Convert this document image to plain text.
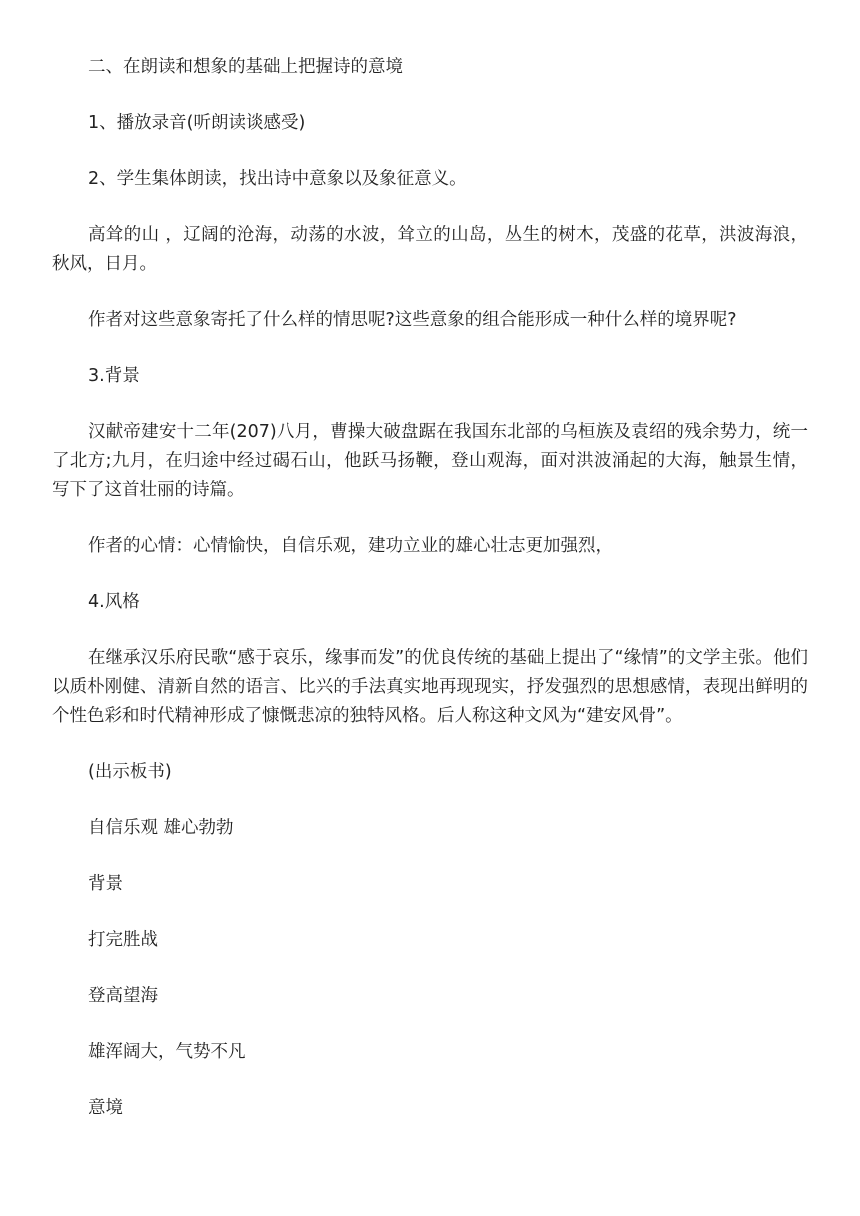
二、在朗读和想象的基础上把握诗的意境

1、播放录音(听朗读谈感受)

2、学生集体朗读，找出诗中意象以及象征意义。

高耸的山 ，辽阔的沧海，动荡的水波，耸立的山岛，丛生的树木，茂盛的花草，洪波海浪，秋风，日月。

作者对这些意象寄托了什么样的情思呢?这些意象的组合能形成一种什么样的境界呢?

3.背景

汉献帝建安十二年(207)八月，曹操大破盘踞在我国东北部的乌桓族及袁绍的残余势力，统一了北方;九月，在归途中经过碣石山，他跃马扬鞭，登山观海，面对洪波涌起的大海，触景生情，写下了这首壮丽的诗篇。

作者的心情：心情愉快，自信乐观，建功立业的雄心壮志更加强烈，

4.风格

在继承汉乐府民歌“感于哀乐，缘事而发”的优良传统的基础上提出了“缘情”的文学主张。他们以质朴刚健、清新自然的语言、比兴的手法真实地再现现实，抒发强烈的思想感情，表现出鲜明的个性色彩和时代精神形成了慷慨悲凉的独特风格。后人称这种文风为“建安风骨”。

(出示板书)

自信乐观 雄心勃勃

背景

打完胜战

登高望海

雄浑阔大，气势不凡

意境
